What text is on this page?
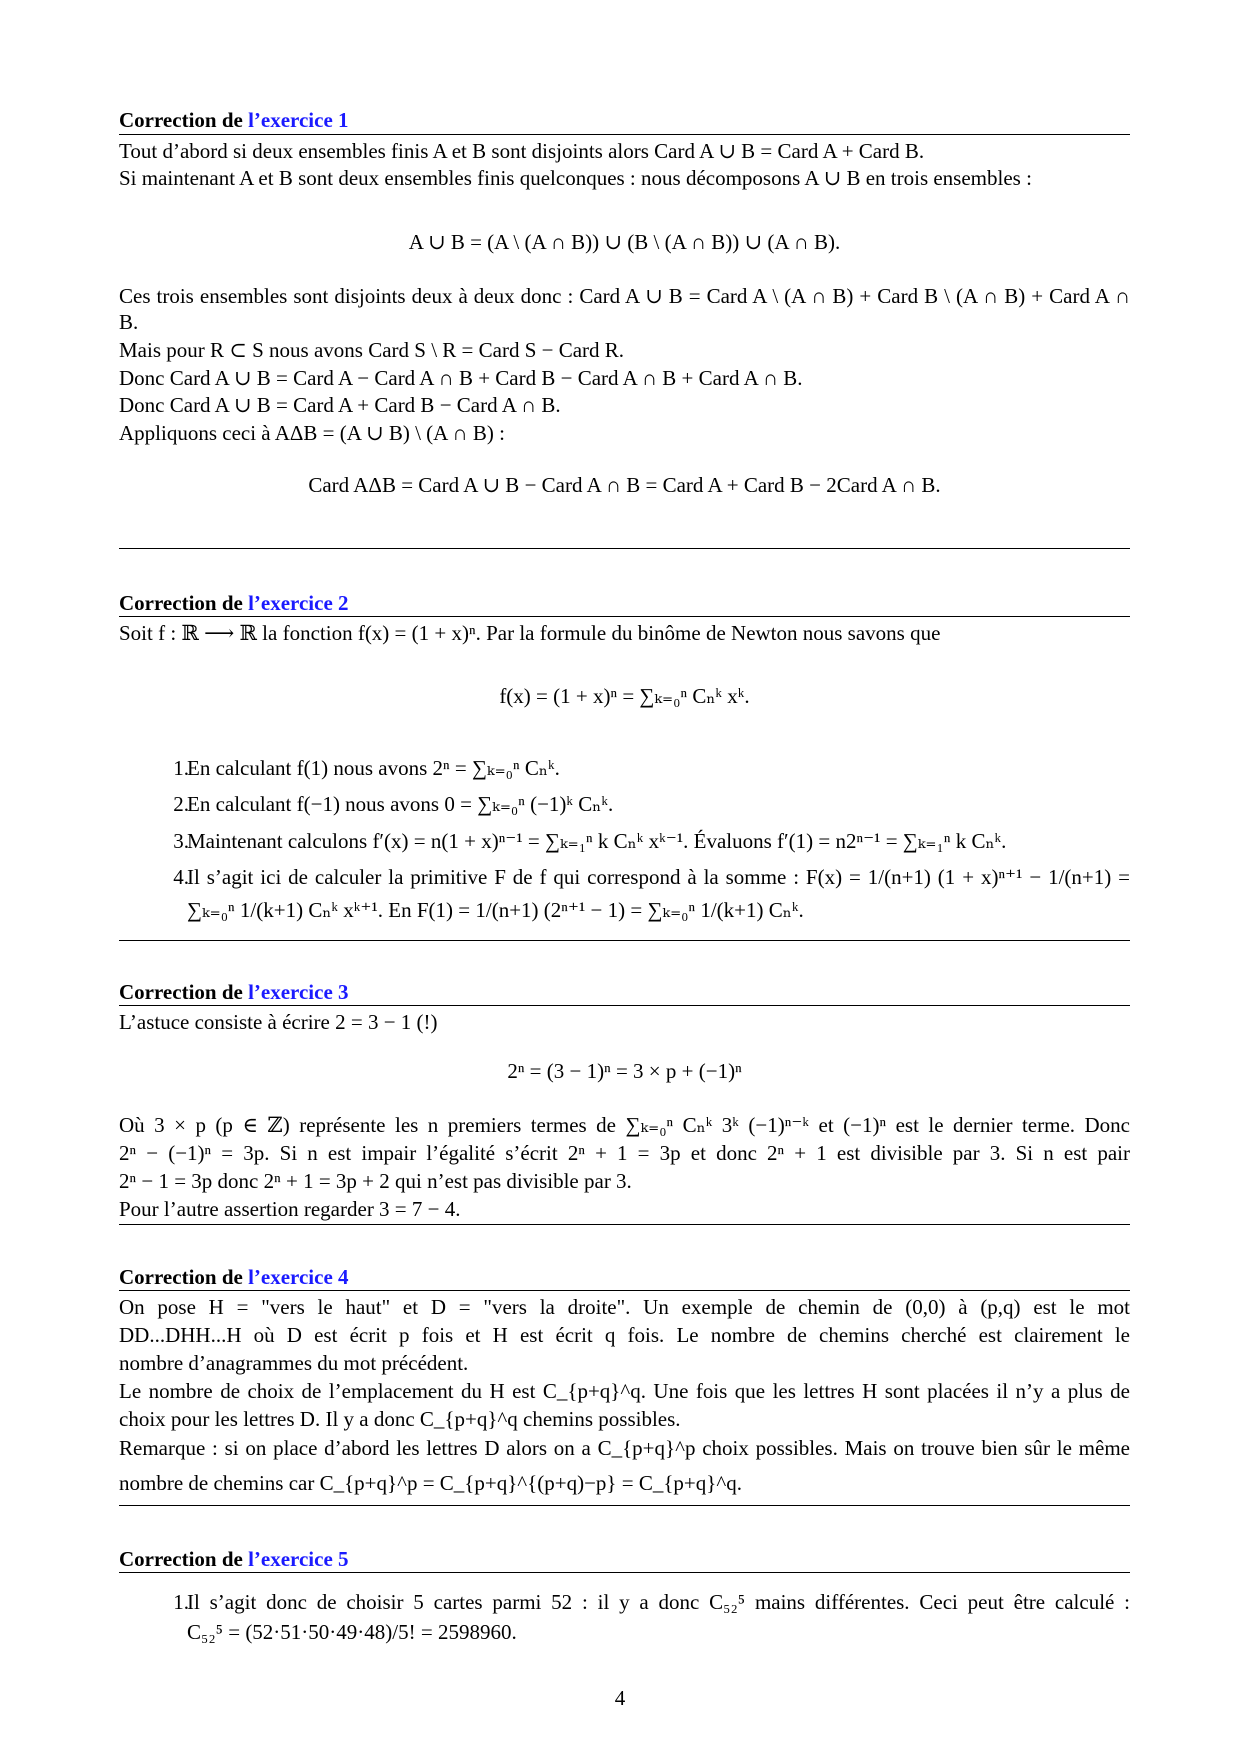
Correction de l’exercice 1
Tout d’abord si deux ensembles finis A et B sont disjoints alors Card A ∪ B = Card A + Card B.
Si maintenant A et B sont deux ensembles finis quelconques : nous décomposons A ∪ B en trois ensembles :
A ∪ B = (A \ (A ∩ B)) ∪ (B \ (A ∩ B)) ∪ (A ∩ B).
Ces trois ensembles sont disjoints deux à deux donc : Card A ∪ B = Card A \ (A ∩ B) + Card B \ (A ∩ B) + Card A ∩
B.
Mais pour R ⊂ S nous avons Card S \ R = Card S − Card R.
Donc Card A ∪ B = Card A − Card A ∩ B + Card B − Card A ∩ B + Card A ∩ B.
Donc Card A ∪ B = Card A + Card B − Card A ∩ B.
Appliquons ceci à AΔB = (A ∪ B) \ (A ∩ B) :
Card AΔB = Card A ∪ B − Card A ∩ B = Card A + Card B − 2Card A ∩ B.
Correction de l’exercice 2
Soit f : ℝ ⟶ ℝ la fonction f(x) = (1 + x)ⁿ. Par la formule du binôme de Newton nous savons que
f(x) = (1 + x)ⁿ = ∑ₖ₌₀ⁿ Cₙᵏ xᵏ.
1.
En calculant f(1) nous avons 2ⁿ = ∑ₖ₌₀ⁿ Cₙᵏ.
2.
En calculant f(−1) nous avons 0 = ∑ₖ₌₀ⁿ (−1)ᵏ Cₙᵏ.
3.
Maintenant calculons f′(x) = n(1 + x)ⁿ⁻¹ = ∑ₖ₌₁ⁿ k Cₙᵏ xᵏ⁻¹. Évaluons f′(1) = n2ⁿ⁻¹ = ∑ₖ₌₁ⁿ k Cₙᵏ.
4.
Il s’agit ici de calculer la primitive F de f qui correspond à la somme : F(x) = 1/(n+1) (1 + x)ⁿ⁺¹ − 1/(n+1) =
∑ₖ₌₀ⁿ 1/(k+1) Cₙᵏ xᵏ⁺¹. En F(1) = 1/(n+1) (2ⁿ⁺¹ − 1) = ∑ₖ₌₀ⁿ 1/(k+1) Cₙᵏ.
Correction de l’exercice 3
L’astuce consiste à écrire 2 = 3 − 1 (!)
2ⁿ = (3 − 1)ⁿ = 3 × p + (−1)ⁿ
Où 3 × p (p ∈ ℤ) représente les n premiers termes de ∑ₖ₌₀ⁿ Cₙᵏ 3ᵏ (−1)ⁿ⁻ᵏ et (−1)ⁿ est le dernier terme. Donc
2ⁿ − (−1)ⁿ = 3p. Si n est impair l’égalité s’écrit 2ⁿ + 1 = 3p et donc 2ⁿ + 1 est divisible par 3. Si n est pair
2ⁿ − 1 = 3p donc 2ⁿ + 1 = 3p + 2 qui n’est pas divisible par 3.
Pour l’autre assertion regarder 3 = 7 − 4.
Correction de l’exercice 4
On pose H = "vers le haut" et D = "vers la droite". Un exemple de chemin de (0,0) à (p,q) est le mot
DD...DHH...H où D est écrit p fois et H est écrit q fois. Le nombre de chemins cherché est clairement le
nombre d’anagrammes du mot précédent.
Le nombre de choix de l’emplacement du H est C_{p+q}^q. Une fois que les lettres H sont placées il n’y a plus de
choix pour les lettres D. Il y a donc C_{p+q}^q chemins possibles.
Remarque : si on place d’abord les lettres D alors on a C_{p+q}^p choix possibles. Mais on trouve bien sûr le même
nombre de chemins car C_{p+q}^p = C_{p+q}^{(p+q)−p} = C_{p+q}^q.
Correction de l’exercice 5
1.
Il s’agit donc de choisir 5 cartes parmi 52 : il y a donc C₅₂⁵ mains différentes. Ceci peut être calculé :
C₅₂⁵ = (52·51·50·49·48)/5! = 2598960.
4
